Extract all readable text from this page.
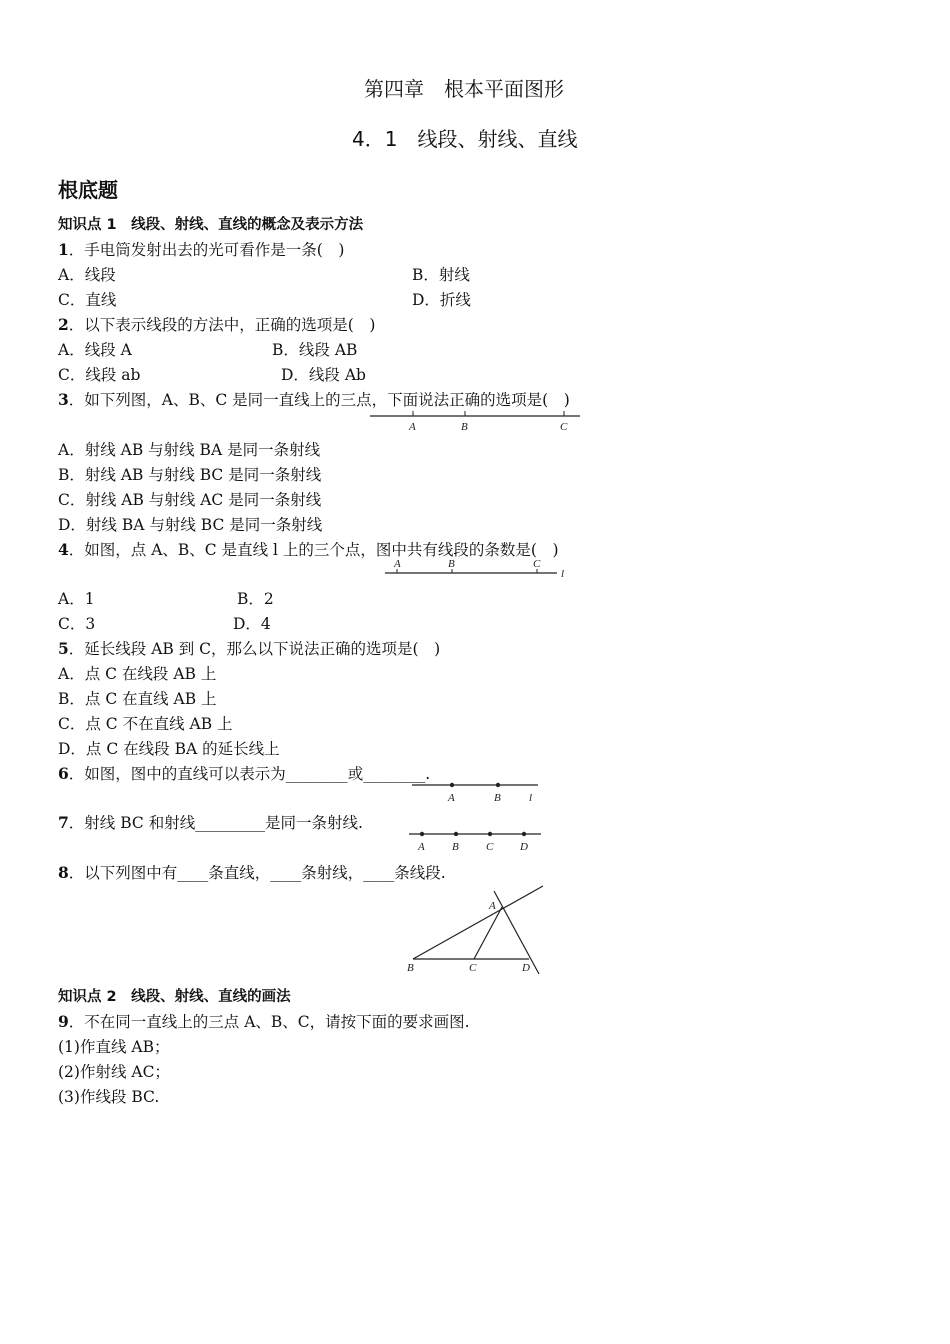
第四章　根本平面图形
4．1　线段、射线、直线
根底题
知识点 1　线段、射线、直线的概念及表示方法
1．手电筒发射出去的光可看作是一条(　)
A．线段	B．射线
C．直线	D．折线
2．以下表示线段的方法中，正确的选项是(　)
A．线段 A	B．线段 AB
C．线段 ab	D．线段 Ab
3．如下列图，A、B、C 是同一直线上的三点，下面说法正确的选项是(　)
A	B	C
A．射线 AB 与射线 BA 是同一条射线
B．射线 AB 与射线 BC 是同一条射线
C．射线 AB 与射线 AC 是同一条射线
D．射线 BA 与射线 BC 是同一条射线
4．如图，点 A、B、C 是直线 l 上的三个点，图中共有线段的条数是(　)
A	B	C
l
A．1	B．2
C．3	D．4
5．延长线段 AB 到 C，那么以下说法正确的选项是(　)
A．点 C 在线段 AB 上
B．点 C 在直线 AB 上
C．点 C 不在直线 AB 上
D．点 C 在线段 BA 的延长线上
6．如图，图中的直线可以表示为________或________.
A	B	l
7．射线 BC 和射线_________是同一条射线.
A B C D
8．以下列图中有____条直线，____条射线，____条线段.
A
B	C	D
知识点 2　线段、射线、直线的画法
9．不在同一直线上的三点 A、B、C，请按下面的要求画图.
(1)作直线 AB；
(2)作射线 AC；
(3)作线段 BC.
